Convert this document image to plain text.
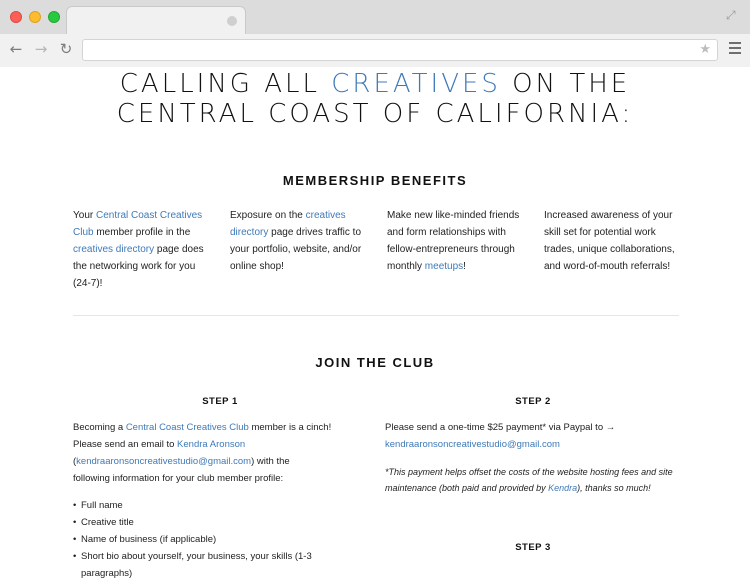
⤢
← → ↻	★
CALLING ALL CREATIVES ON THE
CENTRAL COAST OF CALIFORNIA:
MEMBERSHIP BENEFITS

Your Central Coast Creatives Club member profile in the creatives directory page does the networking work for you (24-7)!

Exposure on the creatives directory page drives traffic to your portfolio, website, and/or online shop!

Make new like-minded friends and form relationships with fellow-entrepreneurs through monthly meetups!

Increased awareness of your skill set for potential work trades, unique collaborations, and word-of-mouth referrals!

JOIN THE CLUB
STEP 1	STEP 2
STEP 3
Becoming a Central Coast Creatives Club member is a cinch!
Please send an email to Kendra Aronson
(kendraaronsoncreativestudio@gmail.com) with the
following information for your club member profile:
• Full name
• Creative title
• Name of business (if applicable)
• Short bio about yourself, your business, your skills (1-3 paragraphs)
Please send a one-time $25 payment* via Paypal to →
kendraaronsoncreativestudio@gmail.com
*This payment helps offset the costs of the website hosting fees and site maintenance (both paid and provided by Kendra), thanks so much!
